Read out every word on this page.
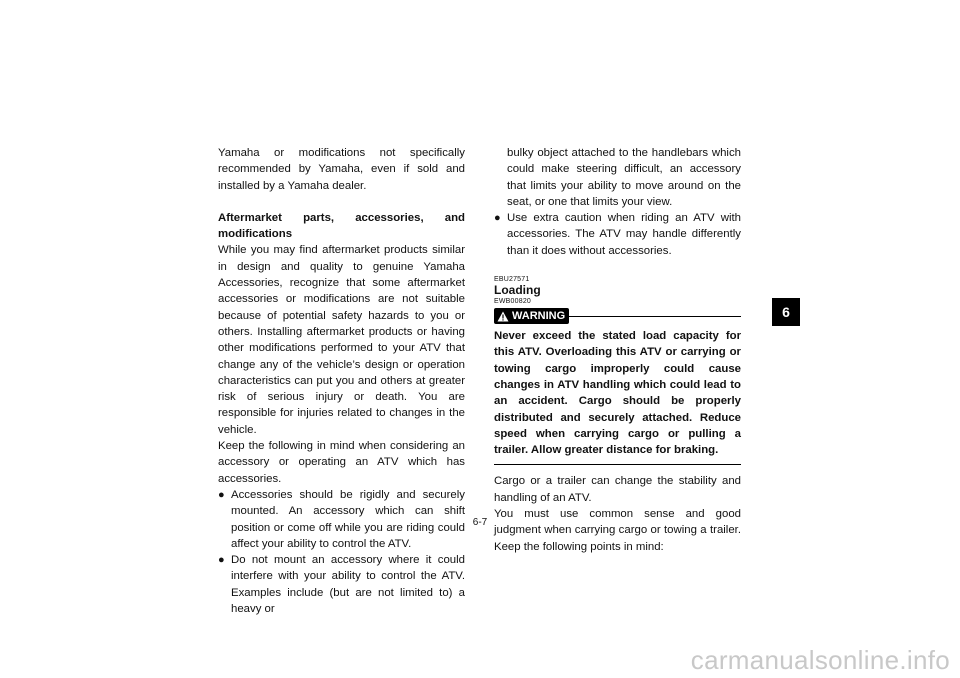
Yamaha or modifications not specifically recommended by Yamaha, even if sold and installed by a Yamaha dealer.

Aftermarket parts, accessories, and modifications

While you may find aftermarket products similar in design and quality to genuine Yamaha Accessories, recognize that some aftermarket accessories or modifications are not suitable because of potential safety hazards to you or others. Installing aftermarket products or having other modifications performed to your ATV that change any of the vehicle’s design or operation characteristics can put you and others at greater risk of serious injury or death. You are responsible for injuries related to changes in the vehicle.

Keep the following in mind when considering an accessory or operating an ATV which has accessories.

● Accessories should be rigidly and securely mounted. An accessory which can shift position or come off while you are riding could affect your ability to control the ATV.
● Do not mount an accessory where it could interfere with your ability to control the ATV. Examples include (but are not limited to) a heavy or

bulky object attached to the handlebars which could make steering difficult, an accessory that limits your ability to move around on the seat, or one that limits your view.

● Use extra caution when riding an ATV with accessories. The ATV may handle differently than it does without accessories.

EBU27571

Loading

EWB00820

WARNING

Never exceed the stated load capacity for this ATV. Overloading this ATV or carrying or towing cargo improperly could cause changes in ATV handling which could lead to an accident. Cargo should be properly distributed and securely attached. Reduce speed when carrying cargo or pulling a trailer. Allow greater distance for braking.

Cargo or a trailer can change the stability and handling of an ATV.

You must use common sense and good judgment when carrying cargo or towing a trailer. Keep the following points in mind:

6-7
6
carmanualsonline.info
